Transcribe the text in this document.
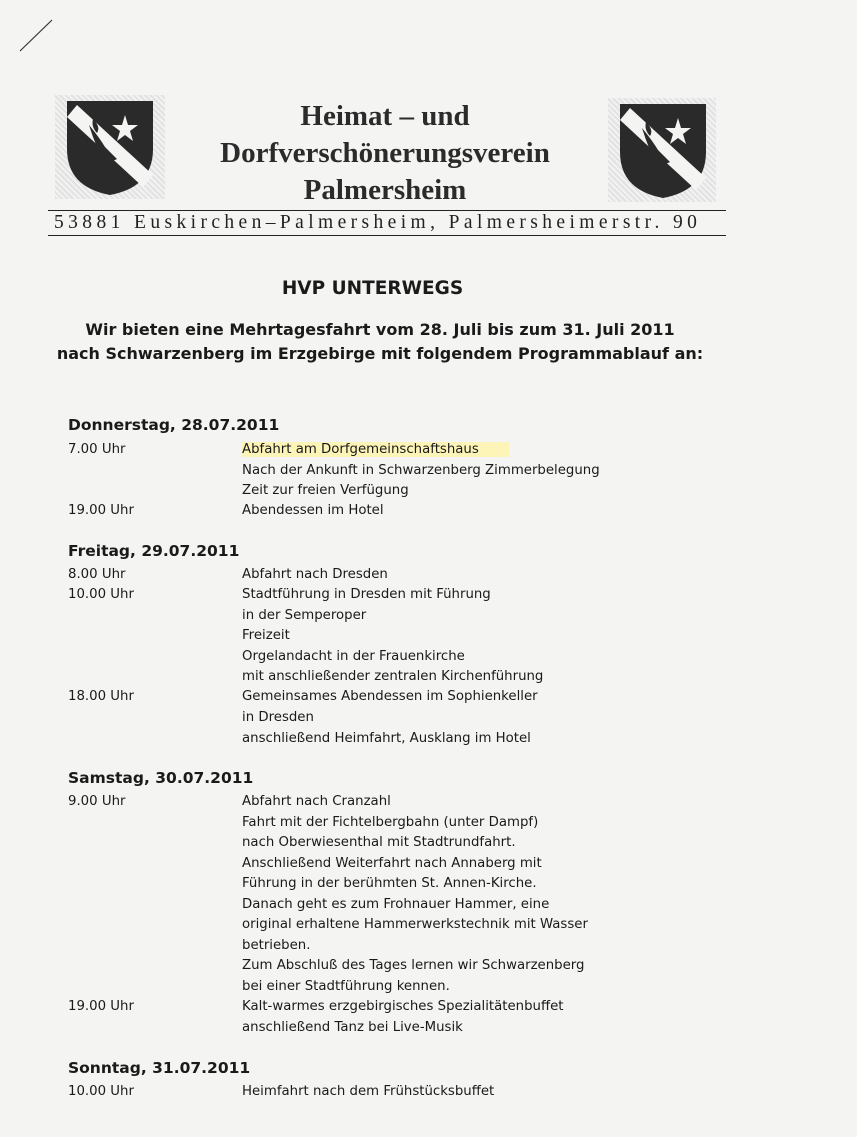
Heimat – und
Dorfverschönerungsverein
Palmersheim
53881 Euskirchen–Palmersheim, Palmersheimerstr. 90
HVP UNTERWEGS
Wir bieten eine Mehrtagesfahrt vom 28. Juli bis zum 31. Juli 2011
nach Schwarzenberg im Erzgebirge mit folgendem Programmablauf an:
Donnerstag, 28.07.2011
7.00 Uhr	Abfahrt am Dorfgemeinschaftshaus
Nach der Ankunft in Schwarzenberg Zimmerbelegung
Zeit zur freien Verfügung
19.00 Uhr	Abendessen im Hotel
Freitag, 29.07.2011
8.00 Uhr	Abfahrt nach Dresden
10.00 Uhr	Stadtführung in Dresden mit Führung
in der Semperoper
Freizeit
Orgelandacht in der Frauenkirche
mit anschließender zentralen Kirchenführung
18.00 Uhr	Gemeinsames Abendessen im Sophienkeller
in Dresden
anschließend Heimfahrt, Ausklang im Hotel
Samstag, 30.07.2011
9.00 Uhr	Abfahrt nach Cranzahl
Fahrt mit der Fichtelbergbahn (unter Dampf)
nach Oberwiesenthal mit Stadtrundfahrt.
Anschließend Weiterfahrt nach Annaberg mit
Führung in der berühmten St. Annen-Kirche.
Danach geht es zum Frohnauer Hammer, eine
original erhaltene Hammerwerkstechnik mit Wasser
betrieben.
Zum Abschluß des Tages lernen wir Schwarzenberg
bei einer Stadtführung kennen.
19.00 Uhr	Kalt-warmes erzgebirgisches Spezialitätenbuffet
anschließend Tanz bei Live-Musik
Sonntag, 31.07.2011
10.00 Uhr	Heimfahrt nach dem Frühstücksbuffet
